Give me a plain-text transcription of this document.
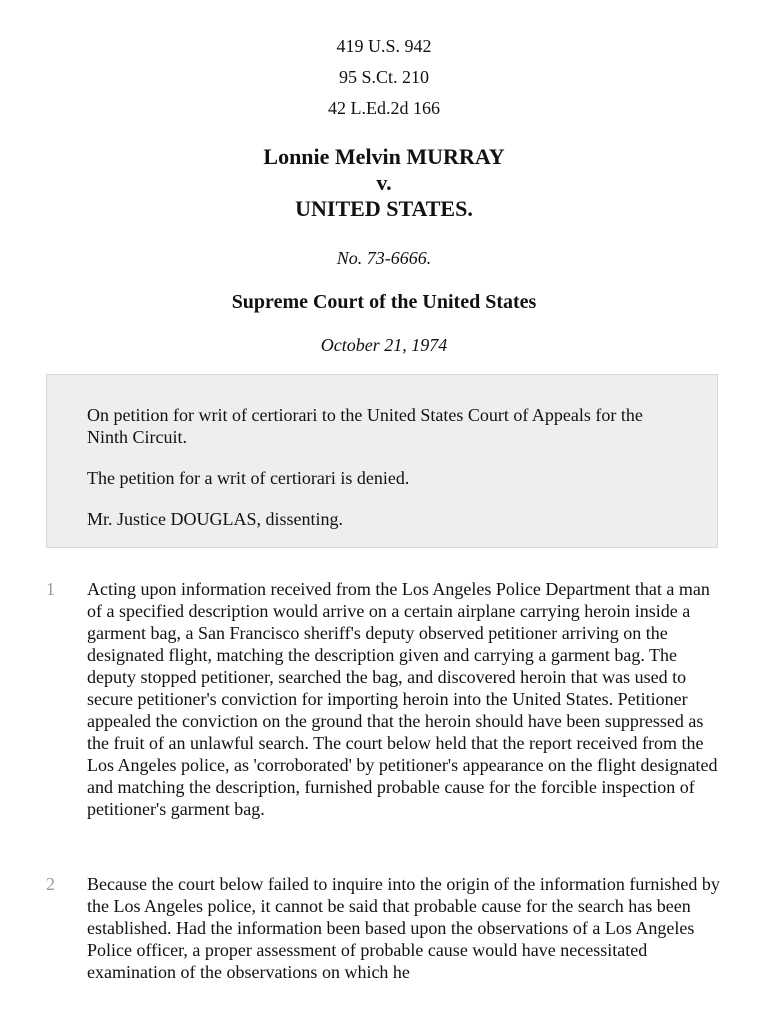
419 U.S. 942
95 S.Ct. 210
42 L.Ed.2d 166
Lonnie Melvin MURRAY
v.
UNITED STATES.
No. 73-6666.
Supreme Court of the United States
October 21, 1974

On petition for writ of certiorari to the United States Court of Appeals for the Ninth Circuit.

The petition for a writ of certiorari is denied.

Mr. Justice DOUGLAS, dissenting.

1 Acting upon information received from the Los Angeles Police Department that a man of a specified description would arrive on a certain airplane carrying heroin inside a garment bag, a San Francisco sheriff's deputy observed petitioner arriving on the designated flight, matching the description given and carrying a garment bag. The deputy stopped petitioner, searched the bag, and discovered heroin that was used to secure petitioner's conviction for importing heroin into the United States. Petitioner appealed the conviction on the ground that the heroin should have been suppressed as the fruit of an unlawful search. The court below held that the report received from the Los Angeles police, as 'corroborated' by petitioner's appearance on the flight designated and matching the description, furnished probable cause for the forcible inspection of petitioner's garment bag.

2 Because the court below failed to inquire into the origin of the information furnished by the Los Angeles police, it cannot be said that probable cause for the search has been established. Had the information been based upon the observations of a Los Angeles Police officer, a proper assessment of probable cause would have necessitated examination of the observations on which he
